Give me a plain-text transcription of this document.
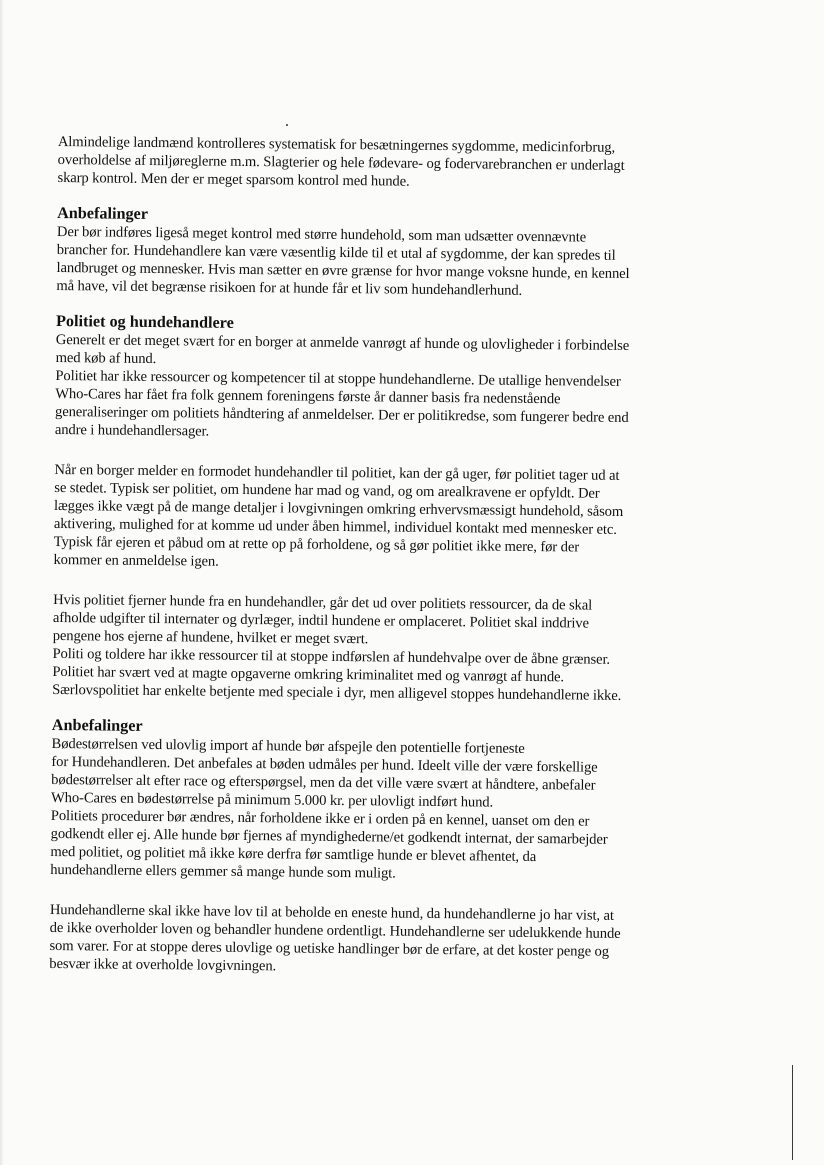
Almindelige landmænd kontrolleres systematisk for besætningernes sygdomme, medicinforbrug,
overholdelse af miljøreglerne m.m. Slagterier og hele fødevare- og fodervarebranchen er underlagt
skarp kontrol. Men der er meget sparsom kontrol med hunde.

Anbefalinger

Der bør indføres ligeså meget kontrol med større hundehold, som man udsætter ovennævnte
brancher for. Hundehandlere kan være væsentlig kilde til et utal af sygdomme, der kan spredes til
landbruget og mennesker. Hvis man sætter en øvre grænse for hvor mange voksne hunde, en kennel
må have, vil det begrænse risikoen for at hunde får et liv som hundehandlerhund.

Politiet og hundehandlere

Generelt er det meget svært for en borger at anmelde vanrøgt af hunde og ulovligheder i forbindelse
med køb af hund.
Politiet har ikke ressourcer og kompetencer til at stoppe hundehandlerne. De utallige henvendelser
Who-Cares har fået fra folk gennem foreningens første år danner basis fra nedenstående
generaliseringer om politiets håndtering af anmeldelser. Der er politikredse, som fungerer bedre end
andre i hundehandlersager.

Når en borger melder en formodet hundehandler til politiet, kan der gå uger, før politiet tager ud at
se stedet. Typisk ser politiet, om hundene har mad og vand, og om arealkravene er opfyldt. Der
lægges ikke vægt på de mange detaljer i lovgivningen omkring erhvervsmæssigt hundehold, såsom
aktivering, mulighed for at komme ud under åben himmel, individuel kontakt med mennesker etc.
Typisk får ejeren et påbud om at rette op på forholdene, og så gør politiet ikke mere, før der
kommer en anmeldelse igen.

Hvis politiet fjerner hunde fra en hundehandler, går det ud over politiets ressourcer, da de skal
afholde udgifter til internater og dyrlæger, indtil hundene er omplaceret. Politiet skal inddrive
pengene hos ejerne af hundene, hvilket er meget svært.
Politi og toldere har ikke ressourcer til at stoppe indførslen af hundehvalpe over de åbne grænser.
Politiet har svært ved at magte opgaverne omkring kriminalitet med og vanrøgt af hunde.
Særlovspolitiet har enkelte betjente med speciale i dyr, men alligevel stoppes hundehandlerne ikke.

Anbefalinger

Bødestørrelsen ved ulovlig import af hunde bør afspejle den potentielle fortjeneste
for Hundehandleren. Det anbefales at bøden udmåles per hund. Ideelt ville der være forskellige
bødestørrelser alt efter race og efterspørgsel, men da det ville være svært at håndtere, anbefaler
Who-Cares en bødestørrelse på minimum 5.000 kr. per ulovligt indført hund.
Politiets procedurer bør ændres, når forholdene ikke er i orden på en kennel, uanset om den er
godkendt eller ej. Alle hunde bør fjernes af myndighederne/et godkendt internat, der samarbejder
med politiet, og politiet må ikke køre derfra før samtlige hunde er blevet afhentet, da
hundehandlerne ellers gemmer så mange hunde som muligt.

Hundehandlerne skal ikke have lov til at beholde en eneste hund, da hundehandlerne jo har vist, at
de ikke overholder loven og behandler hundene ordentligt. Hundehandlerne ser udelukkende hunde
som varer. For at stoppe deres ulovlige og uetiske handlinger bør de erfare, at det koster penge og
besvær ikke at overholde lovgivningen.
